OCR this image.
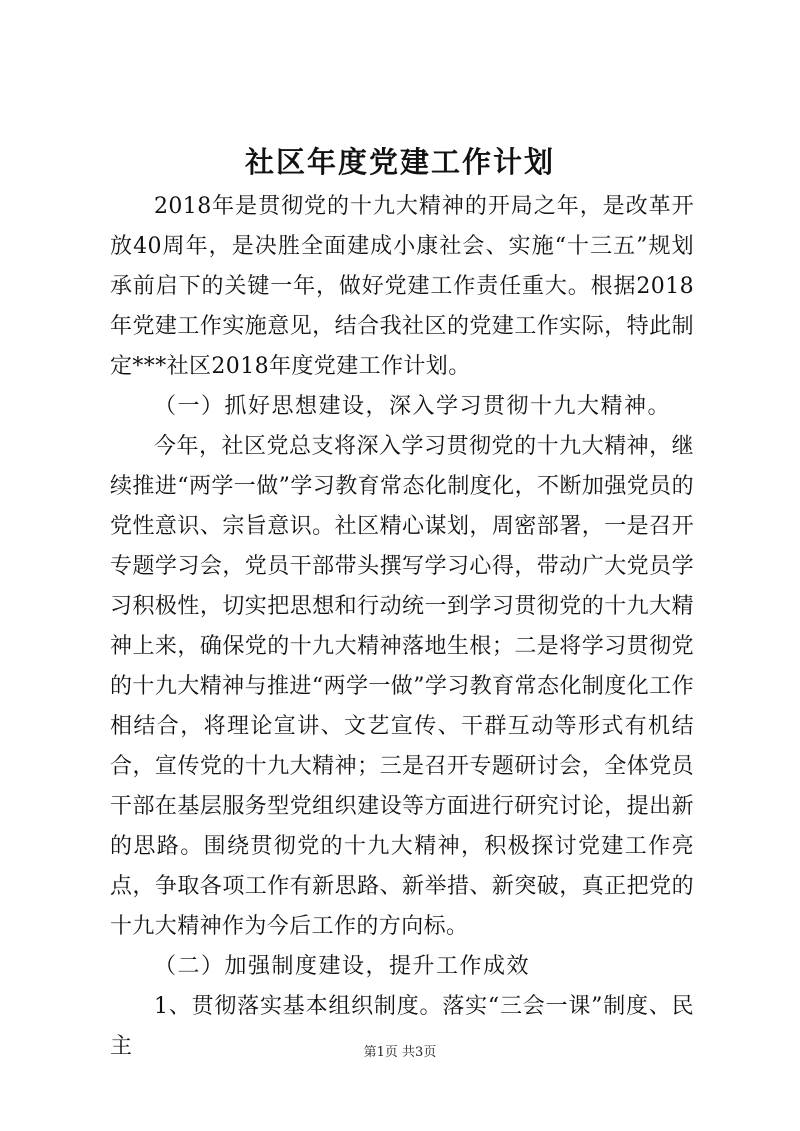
社区年度党建工作计划

2018年是贯彻党的十九大精神的开局之年，是改革开放40周年，是决胜全面建成小康社会、实施“十三五”规划承前启下的关键一年，做好党建工作责任重大。根据2018年党建工作实施意见，结合我社区的党建工作实际，特此制定***社区2018年度党建工作计划。

（一）抓好思想建设，深入学习贯彻十九大精神。

今年，社区党总支将深入学习贯彻党的十九大精神，继续推进“两学一做”学习教育常态化制度化，不断加强党员的党性意识、宗旨意识。社区精心谋划，周密部署，一是召开专题学习会，党员干部带头撰写学习心得，带动广大党员学习积极性，切实把思想和行动统一到学习贯彻党的十九大精神上来，确保党的十九大精神落地生根；二是将学习贯彻党的十九大精神与推进“两学一做”学习教育常态化制度化工作相结合，将理论宣讲、文艺宣传、干群互动等形式有机结合，宣传党的十九大精神；三是召开专题研讨会，全体党员干部在基层服务型党组织建设等方面进行研究讨论，提出新的思路。围绕贯彻党的十九大精神，积极探讨党建工作亮点，争取各项工作有新思路、新举措、新突破，真正把党的十九大精神作为今后工作的方向标。

（二）加强制度建设，提升工作成效

1、贯彻落实基本组织制度。落实“三会一课”制度、民主	第1页 共3页
